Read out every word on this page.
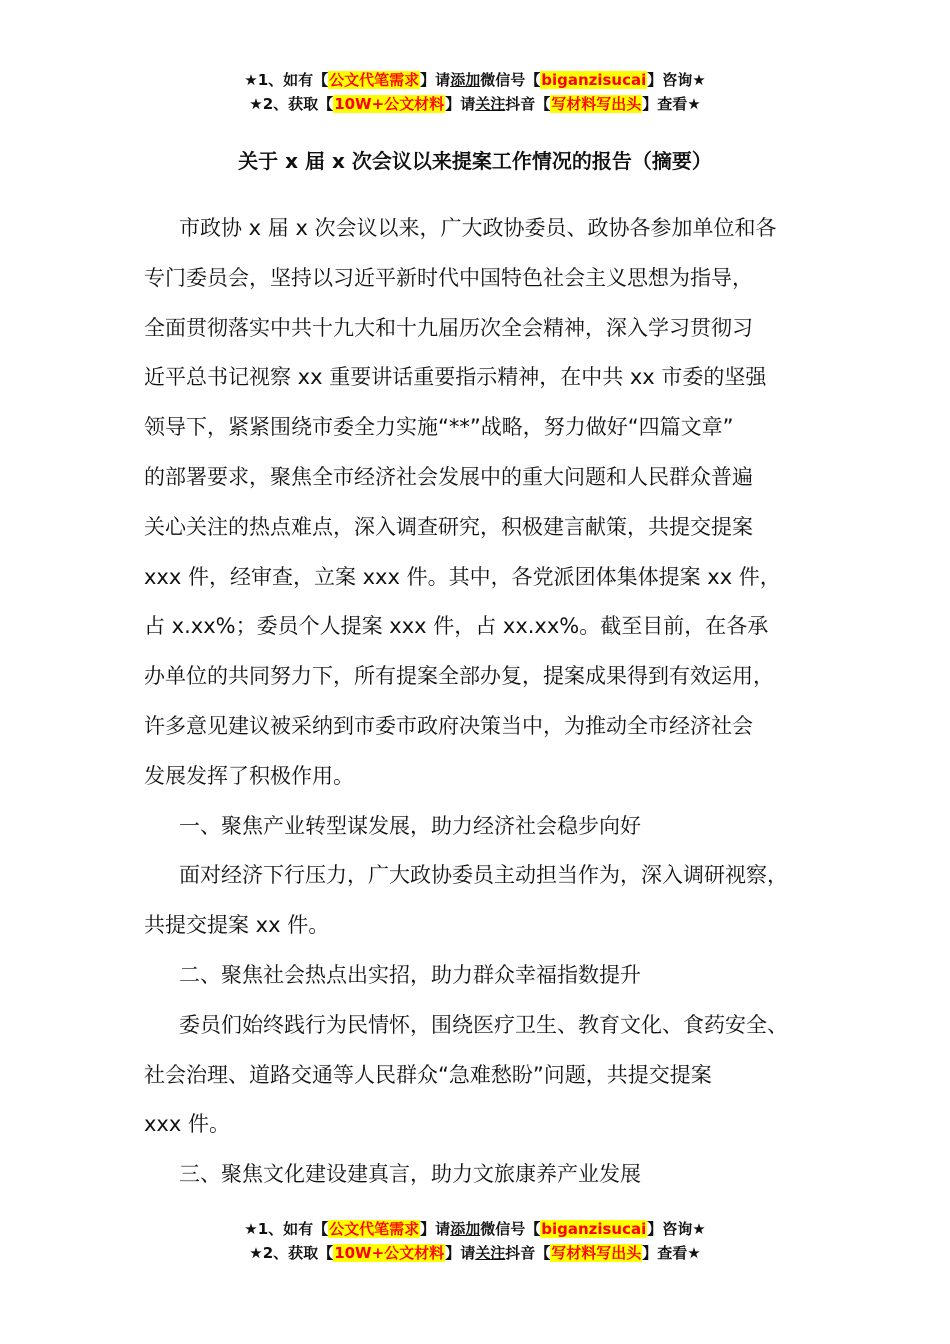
★1、如有【公文代笔需求】请添加微信号【biganzisucai】咨询★
★2、获取【10W+公文材料】请关注抖音【写材料写出头】查看★
关于 x 届 x 次会议以来提案工作情况的报告（摘要）
市政协 x 届 x 次会议以来，广大政协委员、政协各参加单位和各
专门委员会，坚持以习近平新时代中国特色社会主义思想为指导，
全面贯彻落实中共十九大和十九届历次全会精神，深入学习贯彻习
近平总书记视察 xx 重要讲话重要指示精神，在中共 xx 市委的坚强
领导下，紧紧围绕市委全力实施“**”战略，努力做好“四篇文章”
的部署要求，聚焦全市经济社会发展中的重大问题和人民群众普遍
关心关注的热点难点，深入调查研究，积极建言献策，共提交提案
xxx 件，经审查，立案 xxx 件。其中，各党派团体集体提案 xx 件，
占 x.xx%；委员个人提案 xxx 件，占 xx.xx%。截至目前，在各承
办单位的共同努力下，所有提案全部办复，提案成果得到有效运用，
许多意见建议被采纳到市委市政府决策当中，为推动全市经济社会
发展发挥了积极作用。
一、聚焦产业转型谋发展，助力经济社会稳步向好
面对经济下行压力，广大政协委员主动担当作为，深入调研视察，
共提交提案 xx 件。
二、聚焦社会热点出实招，助力群众幸福指数提升
委员们始终践行为民情怀，围绕医疗卫生、教育文化、食药安全、
社会治理、道路交通等人民群众“急难愁盼”问题，共提交提案
xxx 件。
三、聚焦文化建设建真言，助力文旅康养产业发展
★1、如有【公文代笔需求】请添加微信号【biganzisucai】咨询★
★2、获取【10W+公文材料】请关注抖音【写材料写出头】查看★
